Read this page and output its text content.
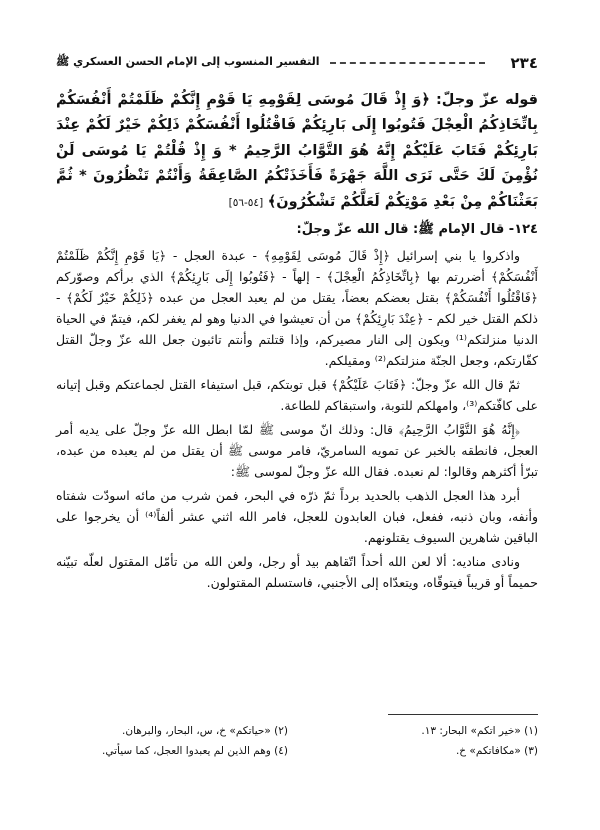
٢٣٤
التفسير المنسوب إلى الإمام الحسن العسكري ﷺ

قوله عزّ وجلّ: ﴿وَ إِذْ قَالَ مُوسَى لِقَوْمِهِ يَا قَوْمِ إِنَّكُمْ ظَلَمْتُمْ أَنْفُسَكُمْ بِاتِّخَاذِكُمُ الْعِجْلَ فَتُوبُوا إِلَى بَارِئِكُمْ فَاقْتُلُوا أَنْفُسَكُمْ ذَلِكُمْ خَيْرٌ لَكُمْ عِنْدَ بَارِئِكُمْ فَتَابَ عَلَيْكُمْ إِنَّهُ هُوَ التَّوَّابُ الرَّحِيمُ * وَ إِذْ قُلْتُمْ يَا مُوسَى لَنْ نُؤْمِنَ لَكَ حَتَّى نَرَى اللَّهَ جَهْرَةً فَأَخَذَتْكُمُ الصَّاعِقَةُ وَأَنْتُمْ تَنْظُرُونَ * ثُمَّ بَعَثْنَاكُمْ مِنْ بَعْدِ مَوْتِكُمْ لَعَلَّكُمْ تَشْكُرُونَ﴾ [٥٤-٥٦]

١٢٤- قال الإمام ﷺ: قال الله عزّ وجلّ:

واذكروا يا بني إسرائيل ﴿إِذْ قَالَ مُوسَى لِقَوْمِهِ﴾ - عبدة العجل - ﴿يَا قَوْمِ إِنَّكُمْ ظَلَمْتُمْ أَنْفُسَكُمْ﴾ أضررتم بها ﴿بِاتِّخَاذِكُمُ الْعِجْلَ﴾ - إلهاً - ﴿فَتُوبُوا إِلَى بَارِئِكُمْ﴾ الذي برأكم وصوّركم ﴿فَاقْتُلُوا أَنْفُسَكُمْ﴾ بقتل بعضكم بعضاً، يقتل من لم يعبد العجل من عبده ﴿ذَلِكُمْ خَيْرٌ لَكُمْ﴾ - ذلكم القتل خير لكم - ﴿عِنْدَ بَارِئِكُمْ﴾ من أن تعيشوا في الدنيا وهو لم يغفر لكم، فيتمّ في الحياة الدنيا منزلتكم⁽¹⁾ ويكون إلى النار مصيركم، وإذا قتلتم وأنتم تائبون جعل الله عزّ وجلّ القتل كفّارتكم، وجعل الجنّة منزلتكم⁽²⁾ ومقيلكم.

ثمّ قال الله عزّ وجلّ: ﴿فَتَابَ عَلَيْكُمْ﴾ قبل توبتكم، قبل استيفاء القتل لجماعتكم وقبل إتيانه على كافّتكم⁽³⁾، وامهلكم للتوبة، واستبقاكم للطاعة.

﴿إِنَّهُ هُوَ التَّوَّابُ الرَّحِيمُ﴾ قال: وذلك انّ موسى ﷺ لمّا ابطل الله عزّ وجلّ على يديه أمر العجل، فانطقه بالخبر عن تمويه السامريّ، فامر موسى ﷺ أن يقتل من لم يعبده من عبده، تبرّأ أكثرهم وقالوا: لم نعبده. فقال الله عزّ وجلّ لموسى ﷺ:

أبرد هذا العجل الذهب بالحديد برداً ثمّ ذرّه في البحر، فمن شرب من مائه اسودّت شفتاه وأنفه، وبان ذنبه، ففعل، فبان العابدون للعجل، فامر الله اثني عشر ألفاً⁽⁴⁾ أن يخرجوا على الباقين شاهرين السيوف يقتلونهم.

ونادى مناديه: ألا لعن الله أحداً اتّقاهم بيد أو رجل، ولعن الله من تأمّل المقتول لعلّه تبيّنه حميماً أو قريباً فيتوقّاه، ويتعدّاه إلى الأجنبي، فاستسلم المقتولون.

(١) «خير اتكم» البحار: ١٣.
(٢) «حياتكم» خ، س، البحار، والبرهان.
(٣) «مكافاتكم» خ.
(٤) وهم الذين لم يعبدوا العجل، كما سيأتي.
